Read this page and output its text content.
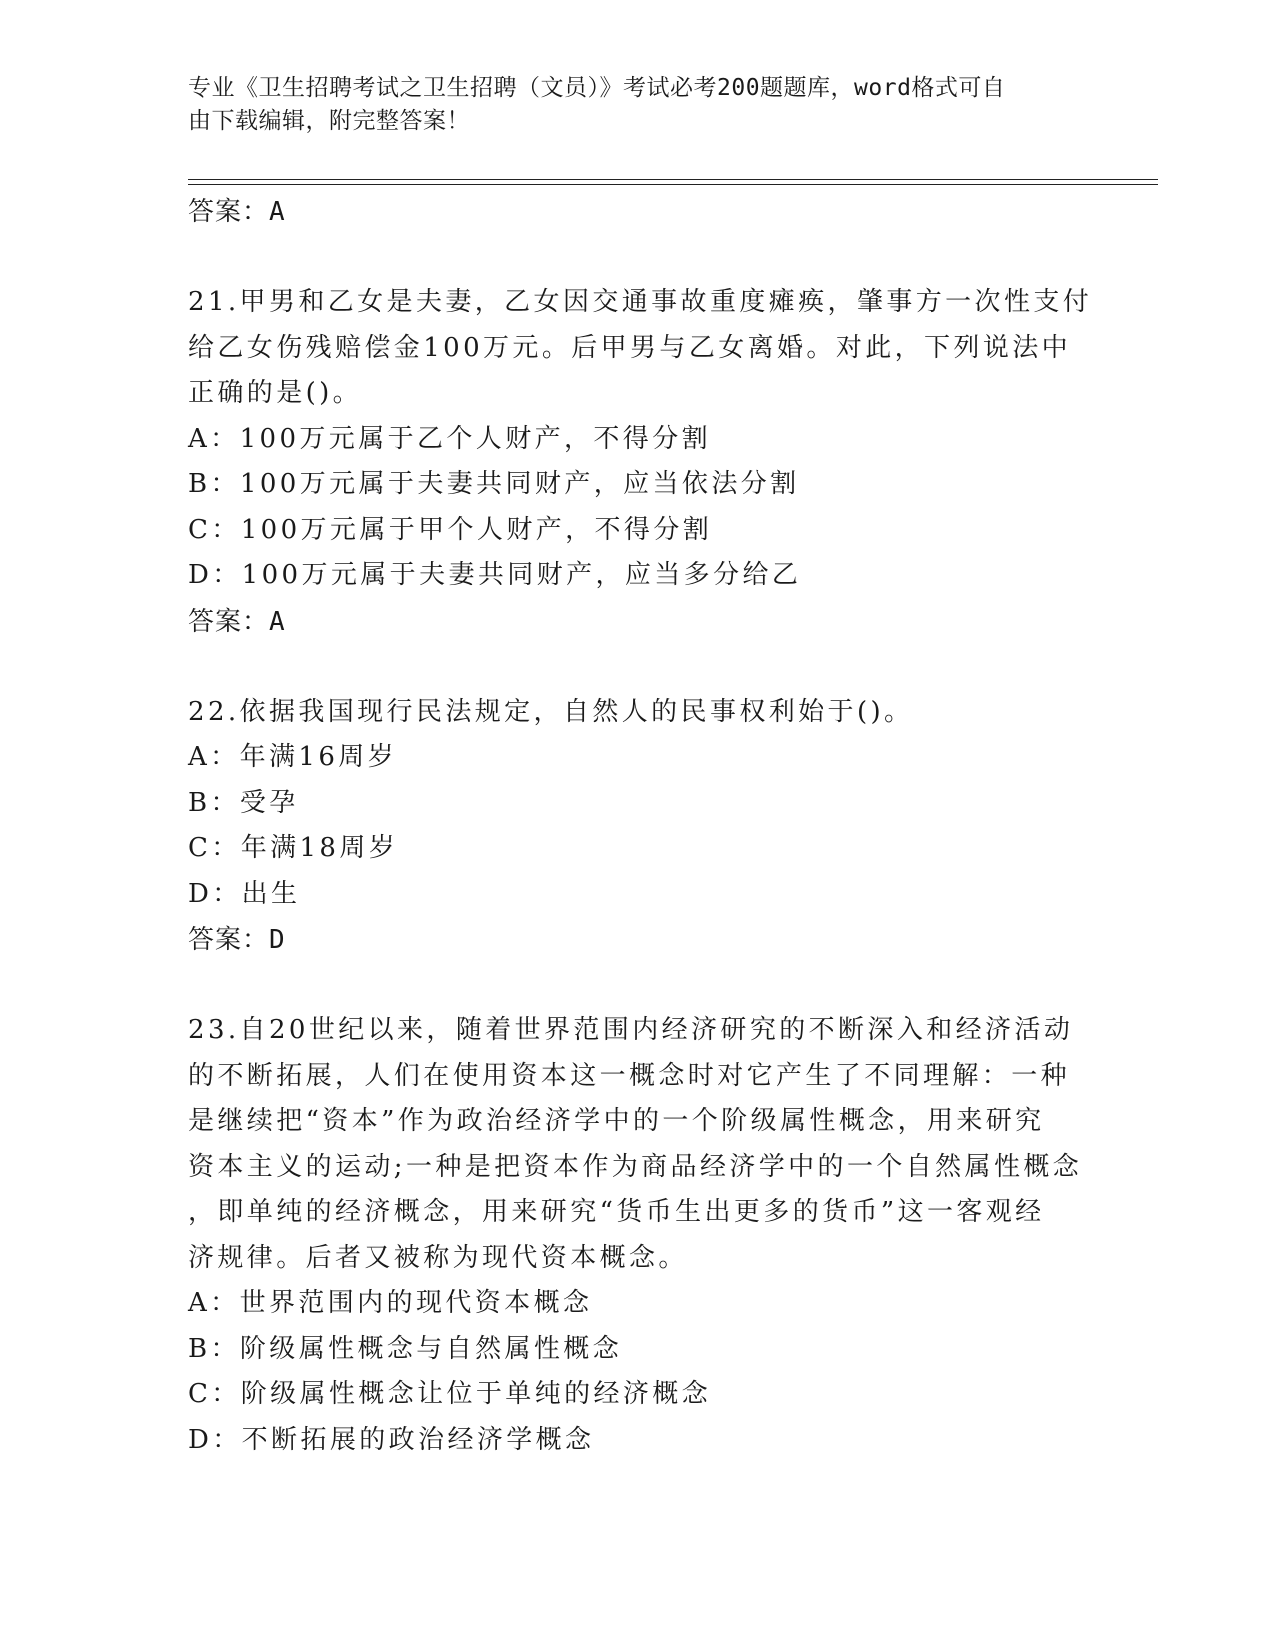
专业《卫生招聘考试之卫生招聘（文员）》考试必考200题题库，word格式可自
由下载编辑，附完整答案！
答案：A
21.甲男和乙女是夫妻，乙女因交通事故重度瘫痪，肇事方一次性支付
给乙女伤残赔偿金100万元。后甲男与乙女离婚。对此，下列说法中
正确的是()。
A：100万元属于乙个人财产，不得分割
B：100万元属于夫妻共同财产，应当依法分割
C：100万元属于甲个人财产，不得分割
D：100万元属于夫妻共同财产，应当多分给乙
答案：A
22.依据我国现行民法规定，自然人的民事权利始于()。
A：年满16周岁
B：受孕
C：年满18周岁
D：出生
答案：D
23.自20世纪以来，随着世界范围内经济研究的不断深入和经济活动
的不断拓展，人们在使用资本这一概念时对它产生了不同理解：一种
是继续把“资本”作为政治经济学中的一个阶级属性概念，用来研究
资本主义的运动;一种是把资本作为商品经济学中的一个自然属性概念
，即单纯的经济概念，用来研究“货币生出更多的货币”这一客观经
济规律。后者又被称为现代资本概念。
A：世界范围内的现代资本概念
B：阶级属性概念与自然属性概念
C：阶级属性概念让位于单纯的经济概念
D：不断拓展的政治经济学概念
